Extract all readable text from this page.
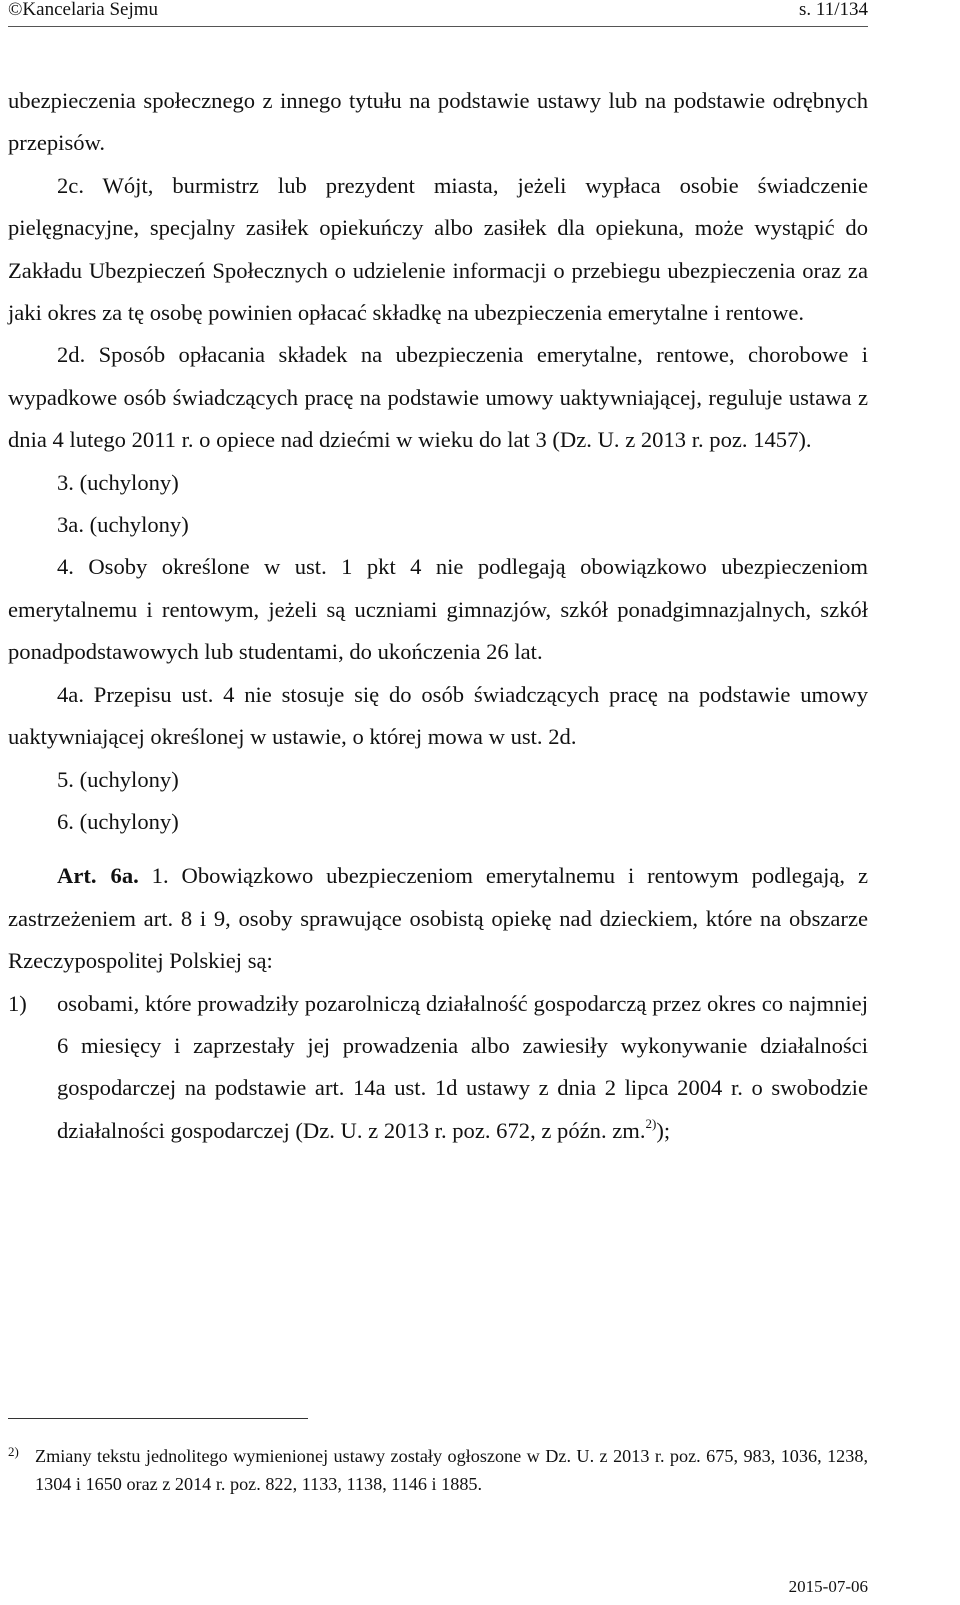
©Kancelaria Sejmu	s. 11/134

ubezpieczenia społecznego z innego tytułu na podstawie ustawy lub na podstawie odrębnych przepisów.

2c. Wójt, burmistrz lub prezydent miasta, jeżeli wypłaca osobie świadczenie pielęgnacyjne, specjalny zasiłek opiekuńczy albo zasiłek dla opiekuna, może wystąpić do Zakładu Ubezpieczeń Społecznych o udzielenie informacji o przebiegu ubezpieczenia oraz za jaki okres za tę osobę powinien opłacać składkę na ubezpieczenia emerytalne i rentowe.

2d. Sposób opłacania składek na ubezpieczenia emerytalne, rentowe, chorobowe i wypadkowe osób świadczących pracę na podstawie umowy uaktywniającej, reguluje ustawa z dnia 4 lutego 2011 r. o opiece nad dziećmi w wieku do lat 3 (Dz. U. z 2013 r. poz. 1457).

3. (uchylony)

3a. (uchylony)

4. Osoby określone w ust. 1 pkt 4 nie podlegają obowiązkowo ubezpieczeniom emerytalnemu i rentowym, jeżeli są uczniami gimnazjów, szkół ponadgimnazjalnych, szkół ponadpodstawowych lub studentami, do ukończenia 26 lat.

4a. Przepisu ust. 4 nie stosuje się do osób świadczących pracę na podstawie umowy uaktywniającej określonej w ustawie, o której mowa w ust. 2d.

5. (uchylony)

6. (uchylony)

Art. 6a. 1. Obowiązkowo ubezpieczeniom emerytalnemu i rentowym podlegają, z zastrzeżeniem art. 8 i 9, osoby sprawujące osobistą opiekę nad dzieckiem, które na obszarze Rzeczypospolitej Polskiej są:

1) osobami, które prowadziły pozarolniczą działalność gospodarczą przez okres co najmniej 6 miesięcy i zaprzestały jej prowadzenia albo zawiesiły wykonywanie działalności gospodarczej na podstawie art. 14a ust. 1d ustawy z dnia 2 lipca 2004 r. o swobodzie działalności gospodarczej (Dz. U. z 2013 r. poz. 672, z późn. zm.$^{2)}$);

2) Zmiany tekstu jednolitego wymienionej ustawy zostały ogłoszone w Dz. U. z 2013 r. poz. 675, 983, 1036, 1238, 1304 i 1650 oraz z 2014 r. poz. 822, 1133, 1138, 1146 i 1885.

2015-07-06
